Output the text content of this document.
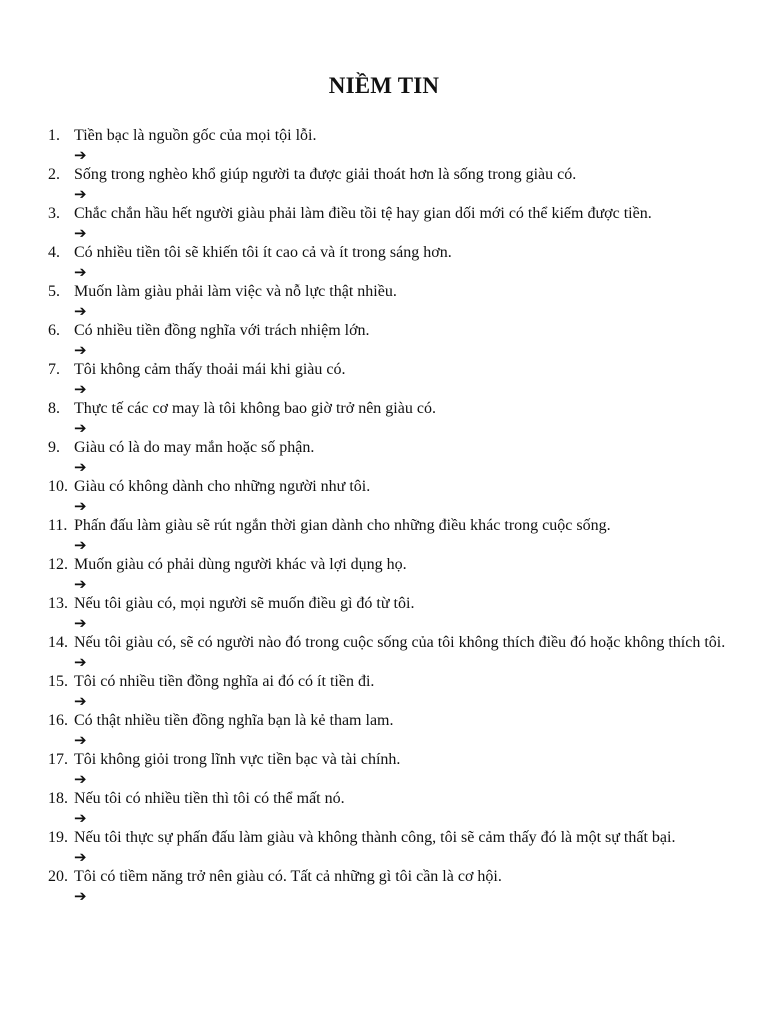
NIỀM TIN
1. Tiền bạc là nguồn gốc của mọi tội lỗi.
➔
2. Sống trong nghèo khổ giúp người ta được giải thoát hơn là sống trong giàu có.
➔
3. Chắc chắn hầu hết người giàu phải làm điều tồi tệ hay gian dối mới có thể kiếm được tiền.
➔
4. Có nhiều tiền tôi sẽ khiến tôi ít cao cả và ít trong sáng hơn.
➔
5. Muốn làm giàu phải làm việc và nỗ lực thật nhiều.
➔
6. Có nhiều tiền đồng nghĩa với trách nhiệm lớn.
➔
7. Tôi không cảm thấy thoải mái khi giàu có.
➔
8. Thực tế các cơ may là tôi không bao giờ trở nên giàu có.
➔
9. Giàu có là do may mắn hoặc số phận.
➔
10. Giàu có không dành cho những người như tôi.
➔
11. Phấn đấu làm giàu sẽ rút ngắn thời gian dành cho những điều khác trong cuộc sống.
➔
12. Muốn giàu có phải dùng người khác và lợi dụng họ.
➔
13. Nếu tôi giàu có, mọi người sẽ muốn điều gì đó từ tôi.
➔
14. Nếu tôi giàu có, sẽ có người nào đó trong cuộc sống của tôi không thích điều đó hoặc không thích tôi.
➔
15. Tôi có nhiều tiền đồng nghĩa ai đó có ít tiền đi.
➔
16. Có thật nhiều tiền đồng nghĩa bạn là kẻ tham lam.
➔
17. Tôi không giỏi trong lĩnh vực tiền bạc và tài chính.
➔
18. Nếu tôi có nhiều tiền thì tôi có thể mất nó.
➔
19. Nếu tôi thực sự phấn đấu làm giàu và không thành công, tôi sẽ cảm thấy đó là một sự thất bại.
➔
20. Tôi có tiềm năng trở nên giàu có. Tất cả những gì tôi cần là cơ hội.
➔
